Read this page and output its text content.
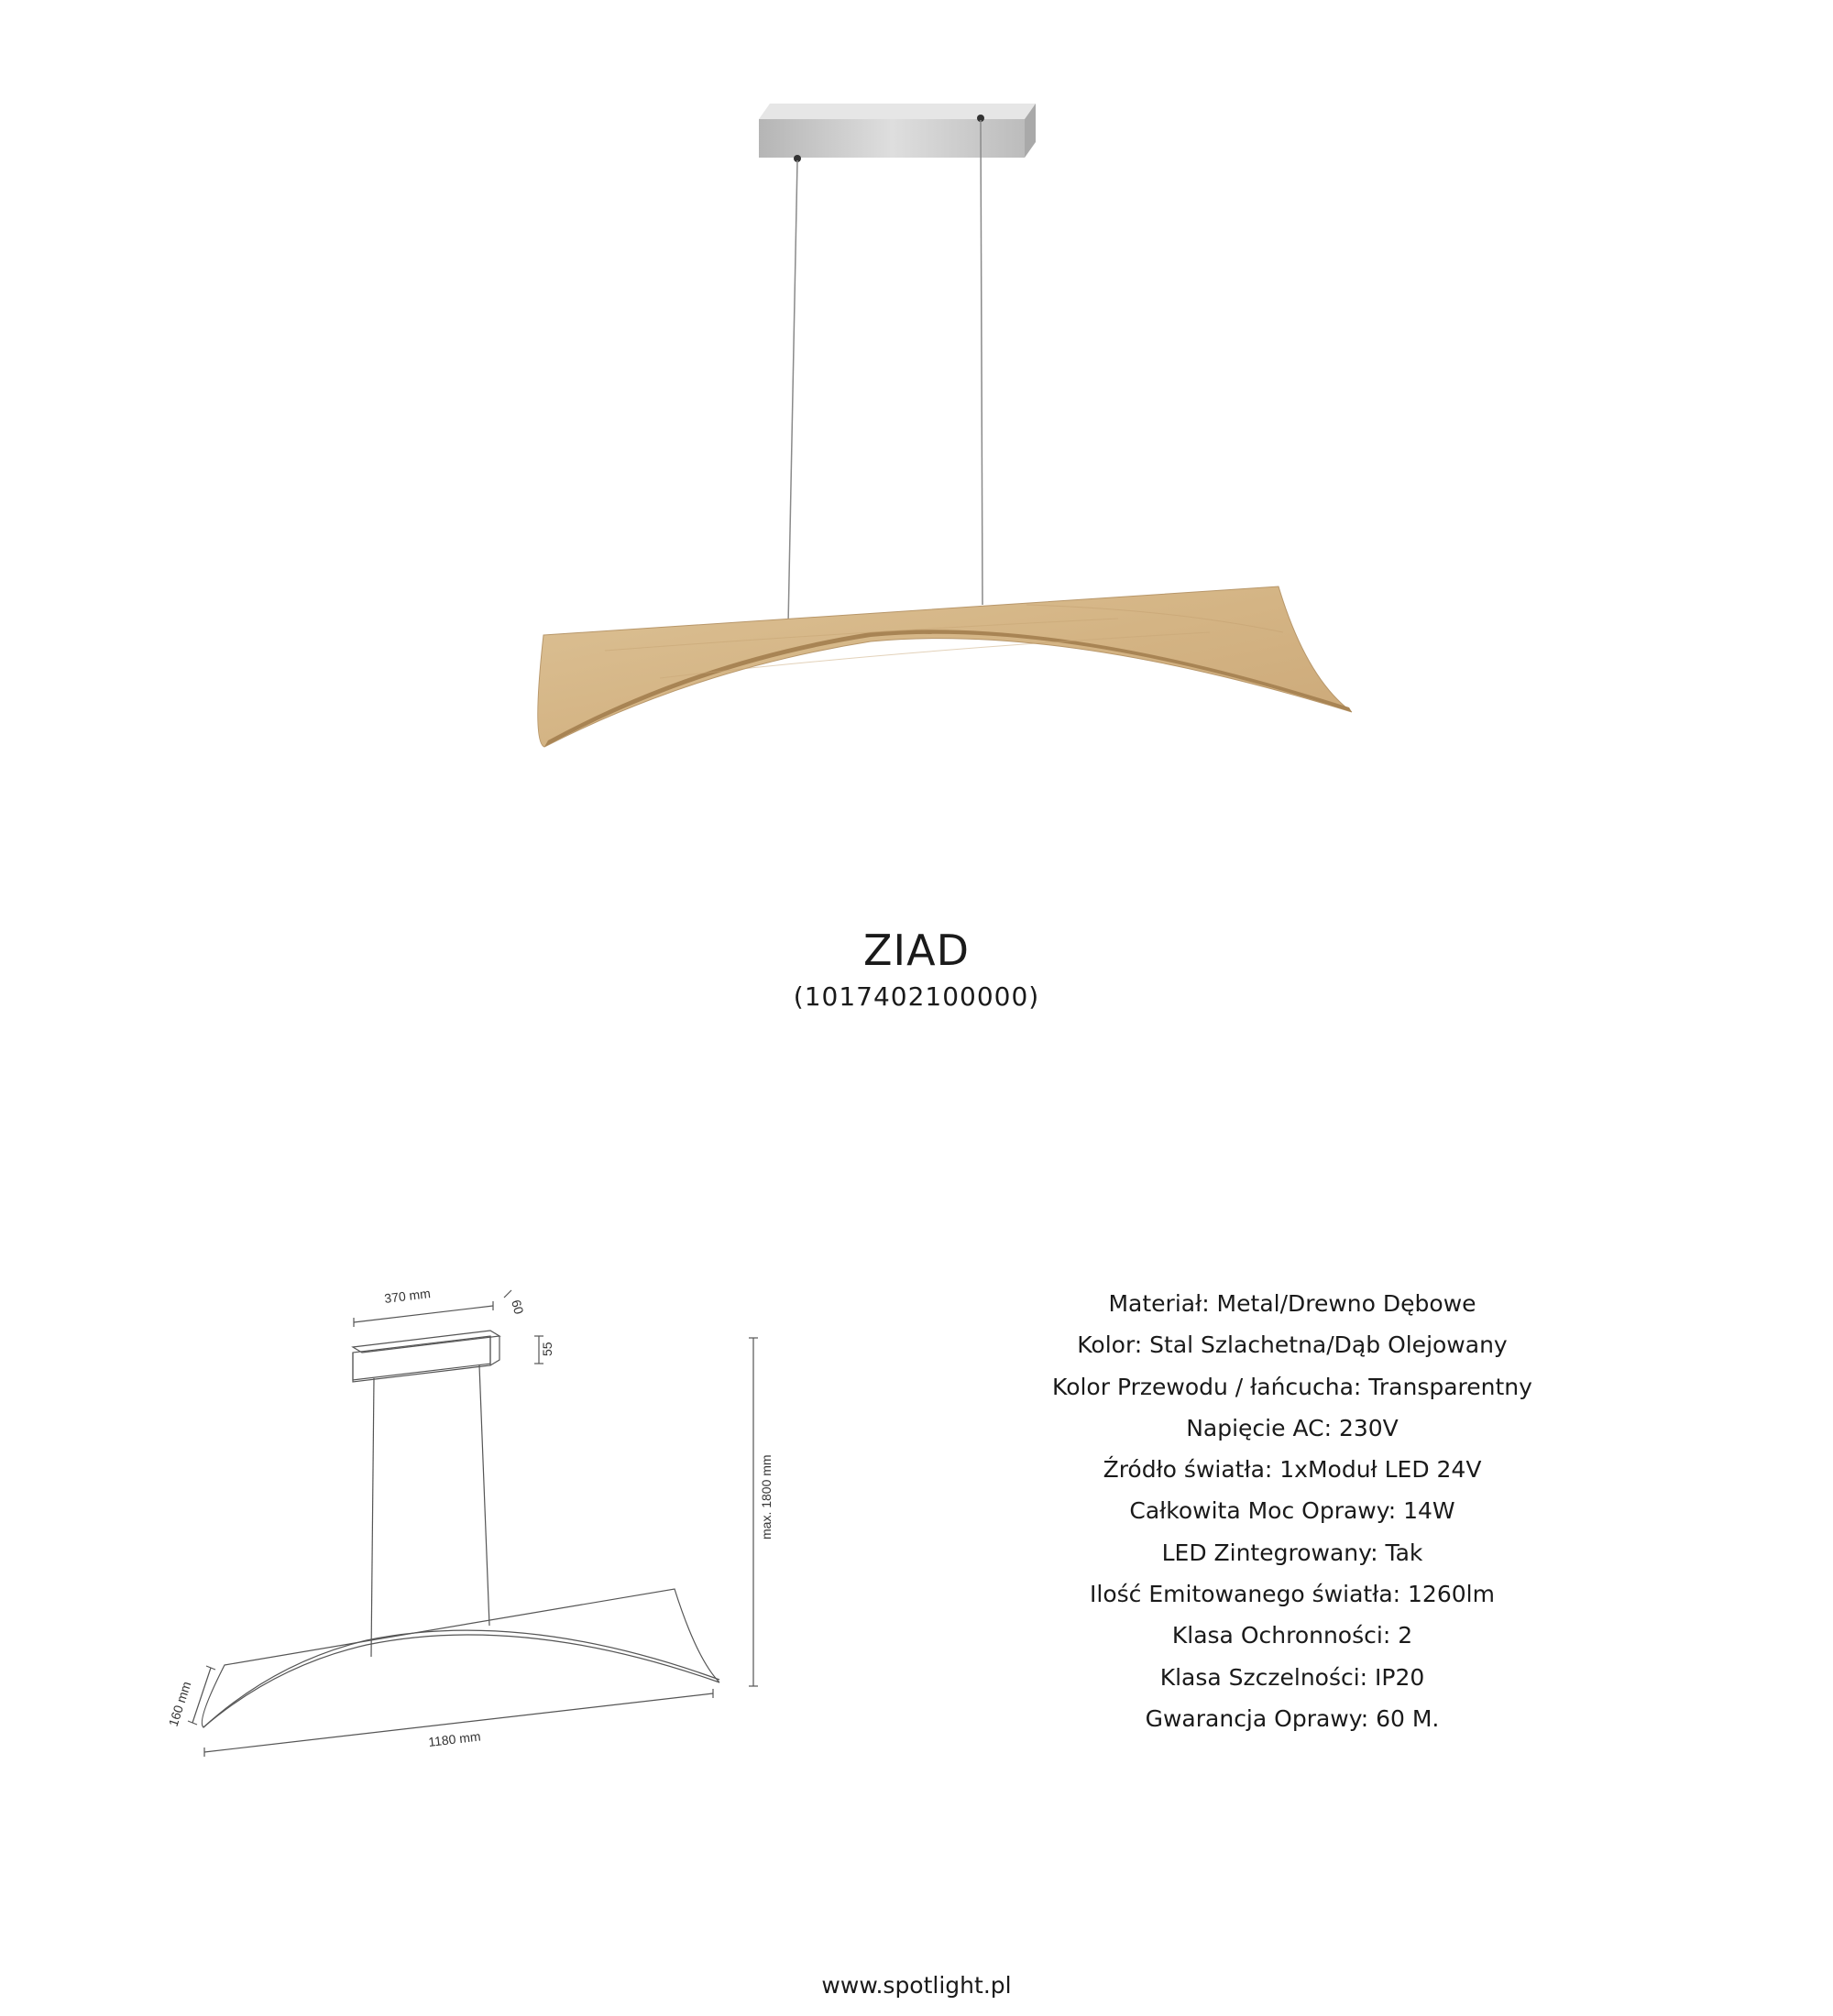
ZIAD
(1017402100000)
370 mm
60
55
max. 1800 mm
160 mm
1180 mm
Materiał: Metal/Drewno Dębowe
Kolor: Stal Szlachetna/Dąb Olejowany
Kolor Przewodu / łańcucha: Transparentny
Napięcie AC: 230V
Źródło światła: 1xModuł LED 24V
Całkowita Moc Oprawy: 14W
LED Zintegrowany: Tak
Ilość Emitowanego światła: 1260lm
Klasa Ochronności: 2
Klasa Szczelności: IP20
Gwarancja Oprawy: 60 M.
www.spotlight.pl
